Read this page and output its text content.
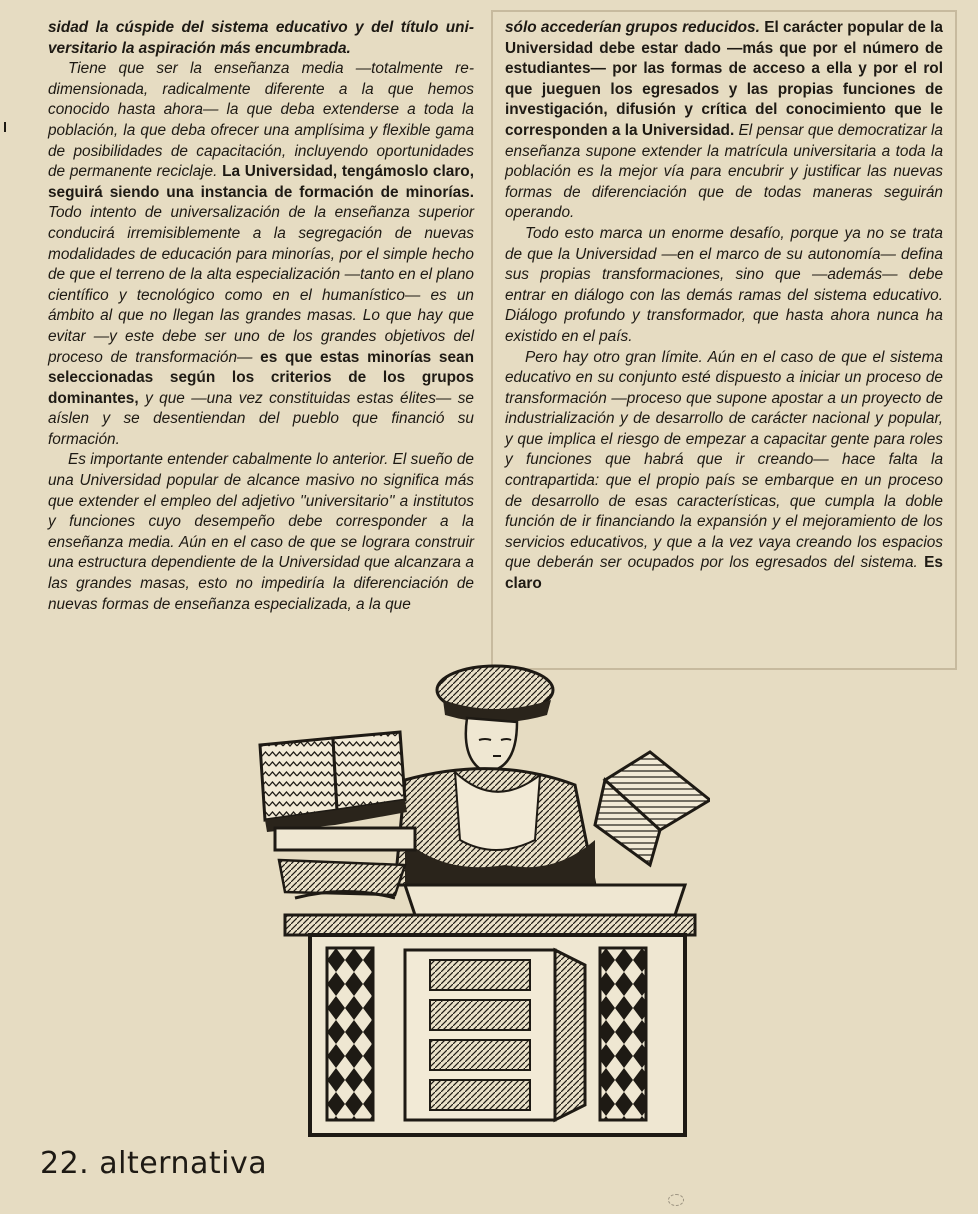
sidad la cúspide del sistema educativo y del título universitario la aspiración más encumbrada.

Tiene que ser la enseñanza media —totalmente redimensionada, radicalmente diferente a la que hemos conocido hasta ahora— la que deba extenderse a toda la población, la que deba ofrecer una amplísima y flexible gama de posibilidades de capacitación, incluyendo oportunidades de permanente reciclaje. La Universidad, tengámoslo claro, seguirá siendo una instancia de formación de minorías. Todo intento de universalización de la enseñanza superior conducirá irremisiblemente a la segregación de nuevas modalidades de educación para minorías, por el simple hecho de que el terreno de la alta especialización —tanto en el plano científico y tecnológico como en el humanístico— es un ámbito al que no llegan las grandes masas. Lo que hay que evitar —y este debe ser uno de los grandes objetivos del proceso de transformación— es que estas minorías sean seleccionadas según los criterios de los grupos dominantes, y que —una vez constituidas estas élites— se aíslen y se desentiendan del pueblo que financió su formación.

Es importante entender cabalmente lo anterior. El sueño de una Universidad popular de alcance masivo no significa más que extender el empleo del adjetivo ''universitario'' a institutos y funciones cuyo desempeño debe corresponder a la enseñanza media. Aún en el caso de que se lograra construir una estructura dependiente de la Universidad que alcanzara a las grandes masas, esto no impediría la diferenciación de nuevas formas de enseñanza especializada, a la que

sólo accederían grupos reducidos. El carácter popular de la Universidad debe estar dado —más que por el número de estudiantes— por las formas de acceso a ella y por el rol que jueguen los egresados y las propias funciones de investigación, difusión y crítica del conocimiento que le corresponden a la Universidad. El pensar que democratizar la enseñanza supone extender la matrícula universitaria a toda la población es la mejor vía para encubrir y justificar las nuevas formas de diferenciación que de todas maneras seguirán operando.

Todo esto marca un enorme desafío, porque ya no se trata de que la Universidad —en el marco de su autonomía— defina sus propias transformaciones, sino que —además— debe entrar en diálogo con las demás ramas del sistema educativo. Diálogo profundo y transformador, que hasta ahora nunca ha existido en el país.

Pero hay otro gran límite. Aún en el caso de que el sistema educativo en su conjunto esté dispuesto a iniciar un proceso de transformación —proceso que supone apostar a un proyecto de industrialización y de desarrollo de carácter nacional y popular, y que implica el riesgo de empezar a capacitar gente para roles y funciones que habrá que ir creando— hace falta la contrapartida: que el propio país se embarque en un proceso de desarrollo de esas características, que cumpla la doble función de ir financiando la expansión y el mejoramiento de los servicios educativos, y que a la vez vaya creando los espacios que deberán ser ocupados por los egresados del sistema. Es claro

22. alternativa
